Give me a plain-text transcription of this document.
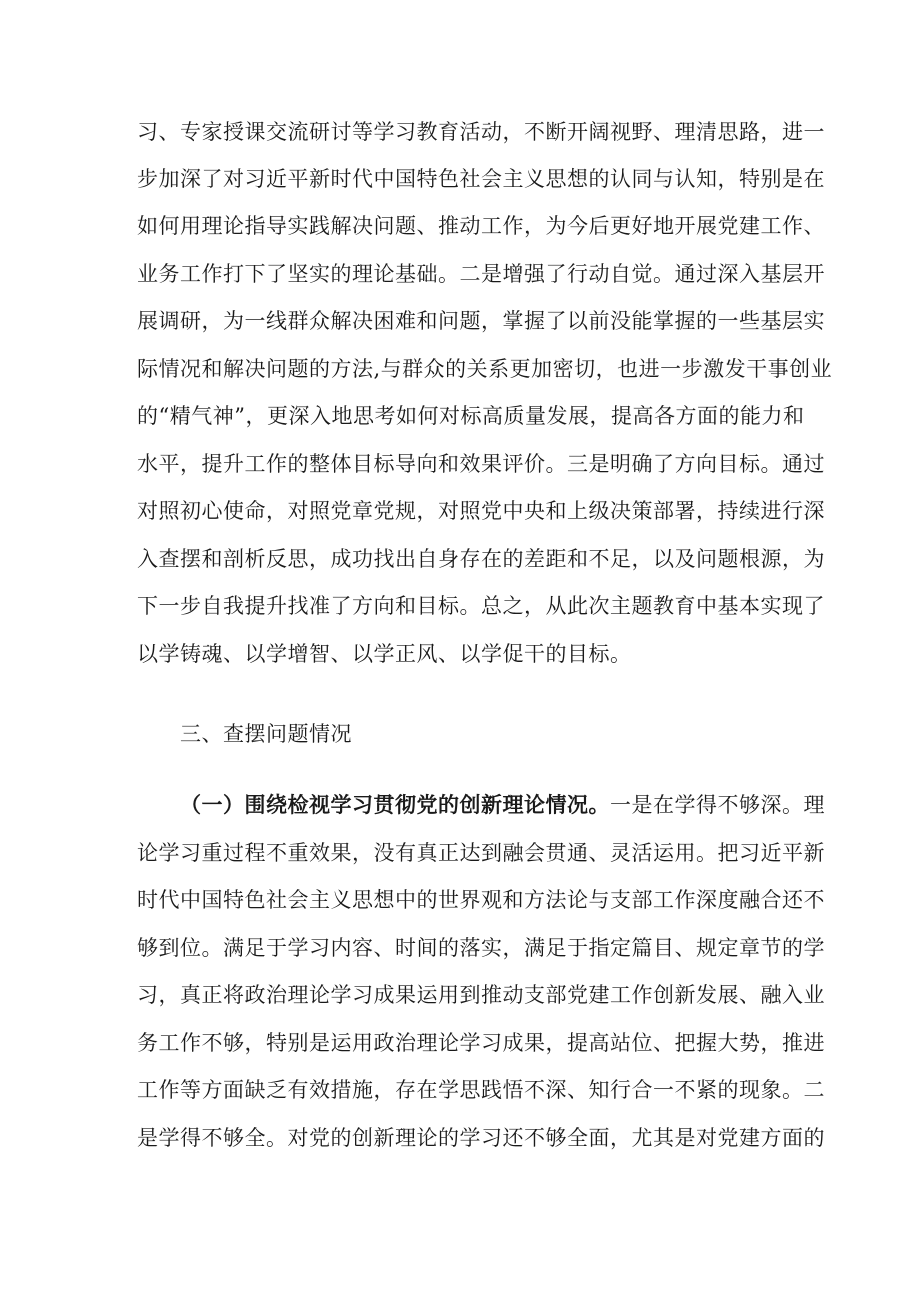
习、专家授课交流研讨等学习教育活动，不断开阔视野、理清思路，进一
步加深了对习近平新时代中国特色社会主义思想的认同与认知，特别是在
如何用理论指导实践解决问题、推动工作，为今后更好地开展党建工作、
业务工作打下了坚实的理论基础。二是增强了行动自觉。通过深入基层开
展调研，为一线群众解决困难和问题，掌握了以前没能掌握的一些基层实
际情况和解决问题的方法,与群众的关系更加密切，也进一步激发干事创业
的“精气神”，更深入地思考如何对标高质量发展，提高各方面的能力和
水平，提升工作的整体目标导向和效果评价。三是明确了方向目标。通过
对照初心使命，对照党章党规，对照党中央和上级决策部署，持续进行深
入查摆和剖析反思，成功找出自身存在的差距和不足，以及问题根源，为
下一步自我提升找准了方向和目标。总之，从此次主题教育中基本实现了
以学铸魂、以学增智、以学正风、以学促干的目标。
三、查摆问题情况
（一）围绕检视学习贯彻党的创新理论情况。一是在学得不够深。理
论学习重过程不重效果，没有真正达到融会贯通、灵活运用。把习近平新
时代中国特色社会主义思想中的世界观和方法论与支部工作深度融合还不
够到位。满足于学习内容、时间的落实，满足于指定篇目、规定章节的学
习，真正将政治理论学习成果运用到推动支部党建工作创新发展、融入业
务工作不够，特别是运用政治理论学习成果，提高站位、把握大势，推进
工作等方面缺乏有效措施，存在学思践悟不深、知行合一不紧的现象。二
是学得不够全。对党的创新理论的学习还不够全面，尤其是对党建方面的
